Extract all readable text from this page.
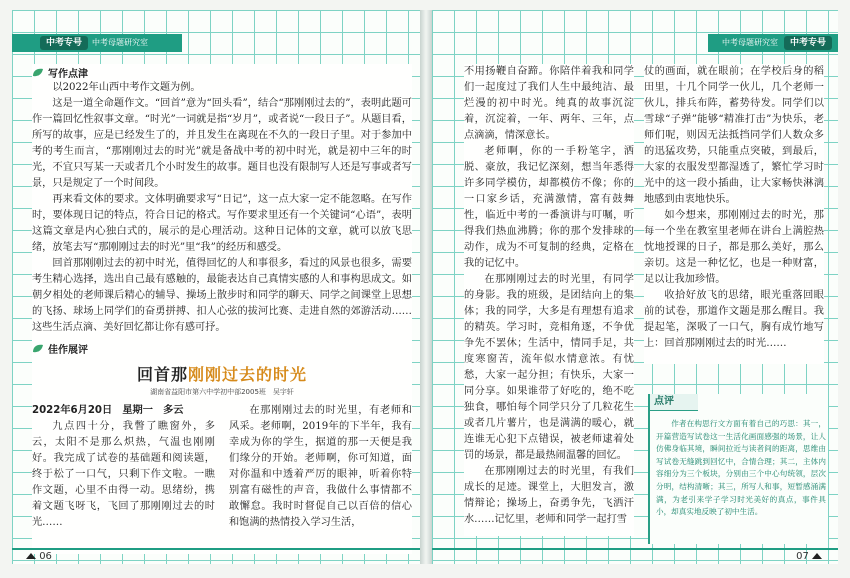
中考专号	中考母题研究室
写作点津

以2022年山西中考作文题为例。

这是一道全命题作文。“回首”意为“回头看”，结合“那刚刚过去的”，表明此题可作一篇回忆性叙事文章。“时光”一词就是指“岁月”，或者说“一段日子”。从题目看，所写的故事，应是已经发生了的，并且发生在离现在不久的一段日子里。对于参加中考的考生而言，“那刚刚过去的时光”就是备战中考的初中时光，就是初中三年的时光，不宜只写某一天或者几个小时发生的故事。题目也没有限制写人还是写事或者写景，只是规定了一个时间段。

再来看文体的要求。文体明确要求写“日记”，这一点大家一定不能忽略。在写作时，要体现日记的特点，符合日记的格式。写作要求里还有一个关键词“心语”，表明这篇文章是内心独白式的，展示的是心理活动。这种日记体的文章，就可以放飞思绪，放笔去写“那刚刚过去的时光”里“我”的经历和感受。

回首那刚刚过去的初中时光，值得回忆的人和事很多，看过的风景也很多，需要考生精心选择，选出自己最有感触的，最能表达自己真情实感的人和事构思成文。如朝夕相处的老师课后精心的辅导、操场上散步时和同学的聊天、同学之间课堂上思想的飞扬、球场上同学们的奋勇拼搏、扣人心弦的拔河比赛、走进自然的郊游活动……这些生活点滴、美好回忆都让你有感可抒。

佳作展评
回首那刚刚过去的时光
湖南省益阳市第六中学初中部2005班　吴宇轩
2022年6月20日　星期一　多云

九点四十分，我瞥了瞧窗外，多云，太阳不是那么炽热，气温也刚刚好。我完成了试卷的基础题和阅读题，终于松了一口气，只剩下作文啦。一瞧作文题，心里不由得一动。思绪纷，携着文题飞呀飞，飞回了那刚刚过去的时光……

在那刚刚过去的时光里，有老师和风采。老师啊，2019年的下半年，我有幸成为你的学生，据道的那一天便是我们缘分的开始。老师啊，你可知道，面对你温和中透着严厉的眼神，听着你特别富有磁性的声音，我做什么事情都不敢懈怠。我时时督促自己以百倍的信心和饱满的热情投入学习生活，

06
中考母题研究室	中考专号

不用扬鞭自奋蹄。你陪伴着我和同学们一起度过了我们人生中最纯洁、最烂漫的初中时光。纯真的故事沉淀着，沉淀着，一年、两年、三年，点点滴滴，情深意长。

老师啊，你的一手粉笔字，洒脱、豪放，我记忆深刻，想当年悉得许多同学模仿，却都模仿不像；你的一口家乡话，充满激情，富有鼓舞性，临近中考的一番演讲与叮嘱，听得我们热血沸腾；你的那个发排球的动作，成为不可复制的经典，定格在我的记忆中。

在那刚刚过去的时光里，有同学的身影。我的班级，是团结向上的集体；我的同学，大多是有理想有追求的精英。学习时，竞相角逐，不争优争先不罢休；生活中，情同手足，共度寒窗苦，流年似水情意浓。有忧愁，大家一起分担；有快乐，大家一同分享。如果谁带了好吃的，绝不吃独食，哪怕每个同学只分了几粒花生或者几片薯片，也是满满的暖心，就连谁无心犯下点错误，被老师逮着处罚的场景，都是最热闹温馨的回忆。

在那刚刚过去的时光里，有我们成长的足迹。课堂上，大胆发言，激情辩论；操场上，奋勇争先，飞洒汗水……记忆里，老师和同学一起打雪

仗的画面，就在眼前；在学校后身的稻田里，十几个同学一伙儿，几个老师一伙儿，排兵布阵，蓄势待发。同学们以雪球“子弹”能够“精准打击”为快乐，老师们呢，则因无法抵挡同学们人数众多的迅猛攻势，只能重点突破，到最后，大家的衣服发型都湿透了，繁忙学习时光中的这一段小插曲，让大家畅快淋漓地感到由衷地快乐。

如今想来，那刚刚过去的时光，那每一个坐在教室里老师在讲台上满腔热忱地授课的日子，都是那么美好，那么亲切。这是一种忆忆，也是一种财富，足以让我加珍惜。

收拾好放飞的思绪，眼光重落回眼前的试卷，那道作文题是那么醒目。我提起笔，深吸了一口气，胸有成竹地写上：回首那刚刚过去的时光……

点评
作者在构思行文方面有着自己的巧思：其一，开篇营造写试卷这一生活化画面感强的场景，让人仿佛身临其境，瞬间拉近与读者间的距离，思维由写试卷无缝跳到回忆中，合情合理；其二，主体内容细分为三个板块，分别由三个中心句统领，层次分明，结构清晰；其三，所写人和事，短暂感涌满满，为老引来学子学习时光美好的真点，事件具小，却真实地反映了初中生活。
07
